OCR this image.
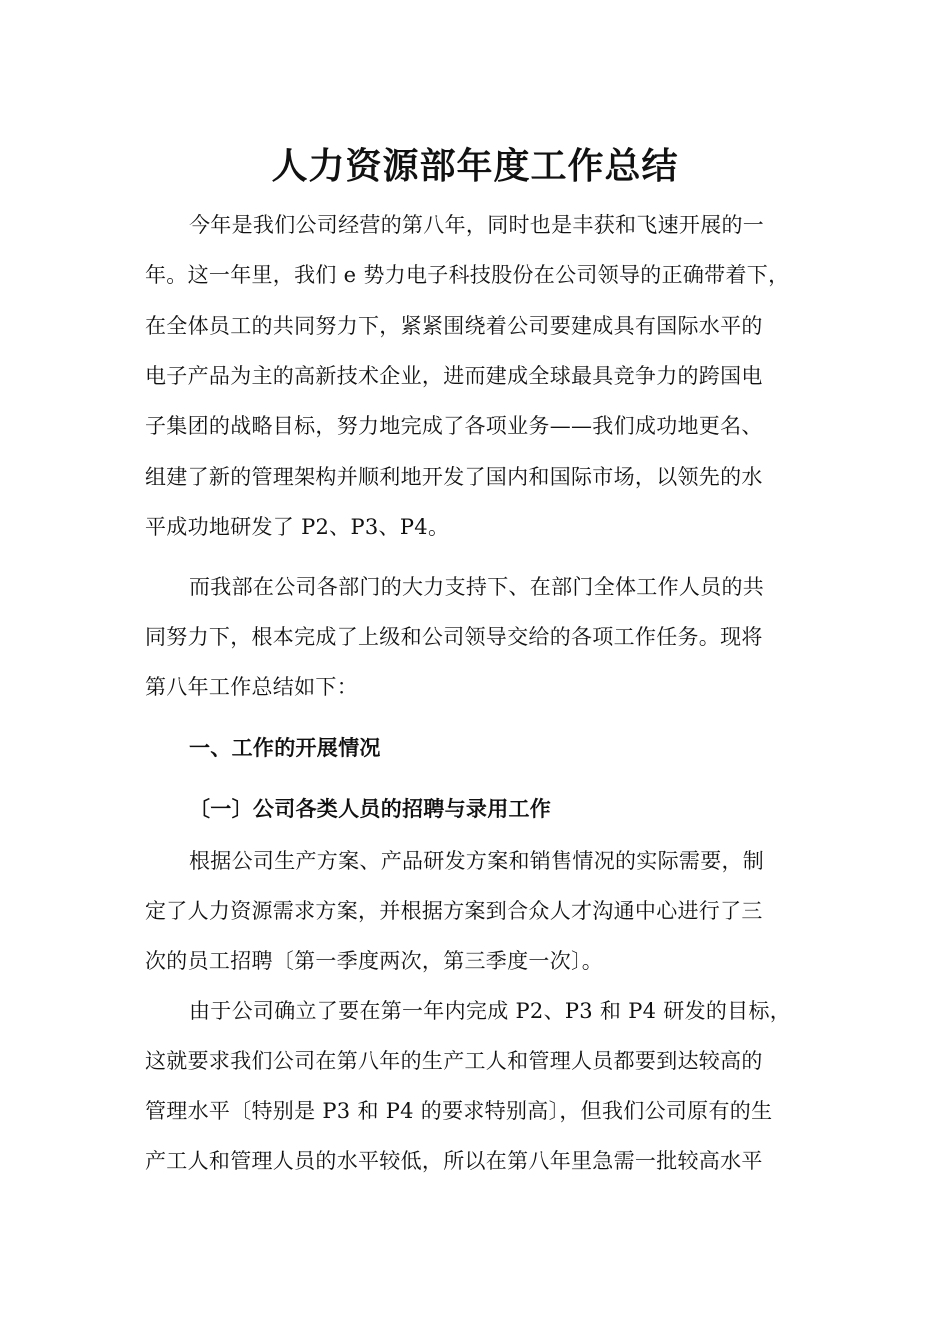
人力资源部年度工作总结
今年是我们公司经营的第八年，同时也是丰获和飞速开展的一
年。这一年里，我们 e 势力电子科技股份在公司领导的正确带着下，
在全体员工的共同努力下，紧紧围绕着公司要建成具有国际水平的
电子产品为主的高新技术企业，进而建成全球最具竞争力的跨国电
子集团的战略目标，努力地完成了各项业务——我们成功地更名、
组建了新的管理架构并顺利地开发了国内和国际市场，以领先的水
平成功地研发了 P2、P3、P4。
而我部在公司各部门的大力支持下、在部门全体工作人员的共
同努力下，根本完成了上级和公司领导交给的各项工作任务。现将
第八年工作总结如下：
一、工作的开展情况
〔一〕公司各类人员的招聘与录用工作
根据公司生产方案、产品研发方案和销售情况的实际需要，制
定了人力资源需求方案，并根据方案到合众人才沟通中心进行了三
次的员工招聘〔第一季度两次，第三季度一次〕。
由于公司确立了要在第一年内完成 P2、P3 和 P4 研发的目标，
这就要求我们公司在第八年的生产工人和管理人员都要到达较高的
管理水平〔特别是 P3 和 P4 的要求特别高〕，但我们公司原有的生
产工人和管理人员的水平较低，所以在第八年里急需一批较高水平
